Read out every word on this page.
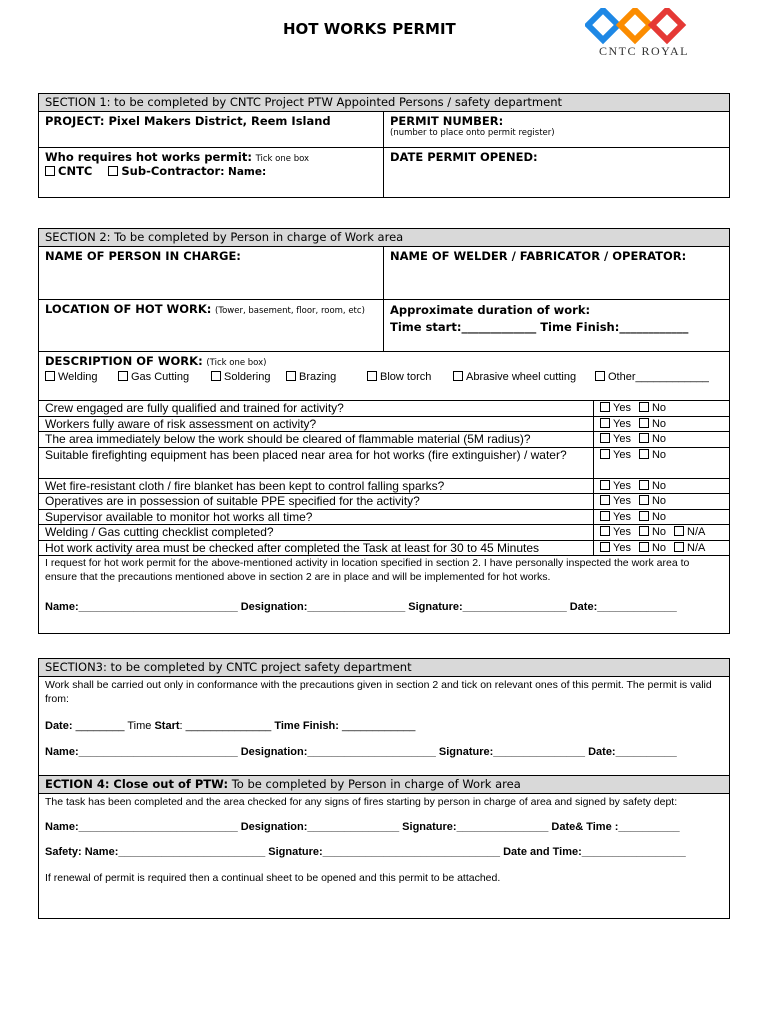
HOT WORKS PERMIT
CNTC ROYAL
SECTION 1: to be completed by CNTC Project PTW Appointed Persons / safety department
PROJECT: Pixel Makers District, Reem Island	PERMIT NUMBER:
(number to place onto permit register)
Who requires hot works permit: Tick one box
CNTC	Sub-Contractor: Name:
DATE PERMIT OPENED:
SECTION 2: To be completed by Person in charge of Work area
NAME OF PERSON IN CHARGE:	NAME OF WELDER / FABRICATOR / OPERATOR:
LOCATION OF HOT WORK: (Tower, basement, floor, room, etc)	Approximate duration of work:
Time start:_____________ Time Finish:____________
DESCRIPTION OF WORK: (Tick one box)
Welding	Gas Cutting	Soldering	Brazing	Blow torch	Abrasive wheel cutting	Other____________
Crew engaged are fully qualified and trained for activity?	Yes No
Workers fully aware of risk assessment on activity?	Yes No
The area immediately below the work should be cleared of flammable material (5M radius)?	Yes No
Suitable firefighting equipment has been placed near area for hot works (fire extinguisher) / water?	Yes No
Wet fire-resistant cloth / fire blanket has been kept to control falling sparks?	Yes No
Operatives are in possession of suitable PPE specified for the activity?	Yes No
Supervisor available to monitor hot works all time?	Yes No
Welding / Gas cutting checklist completed?	Yes No N/A
Hot work activity area must be checked after completed the Task at least for 30 to 45 Minutes	Yes No N/A
I request for hot work permit for the above-mentioned activity in location specified in section 2. I have personally inspected the work area to ensure that the precautions mentioned above in section 2 are in place and will be implemented for hot works.
Name:__________________________ Designation:________________ Signature:_________________ Date:_____________
SECTION3: to be completed by CNTC project safety department
Work shall be carried out only in conformance with the precautions given in section 2 and tick on relevant ones of this permit. The permit is valid from:
Date: ________ Time Start: ______________ Time Finish: ____________
Name:__________________________ Designation:_____________________ Signature:_______________ Date:__________
ECTION 4: Close out of PTW: To be completed by Person in charge of Work area
The task has been completed and the area checked for any signs of fires starting by person in charge of area and signed by safety dept:
Name:__________________________ Designation:_______________ Signature:_______________ Date& Time :__________
Safety: Name:________________________ Signature:_____________________________ Date and Time:_________________
If renewal of permit is required then a continual sheet to be opened and this permit to be attached.
